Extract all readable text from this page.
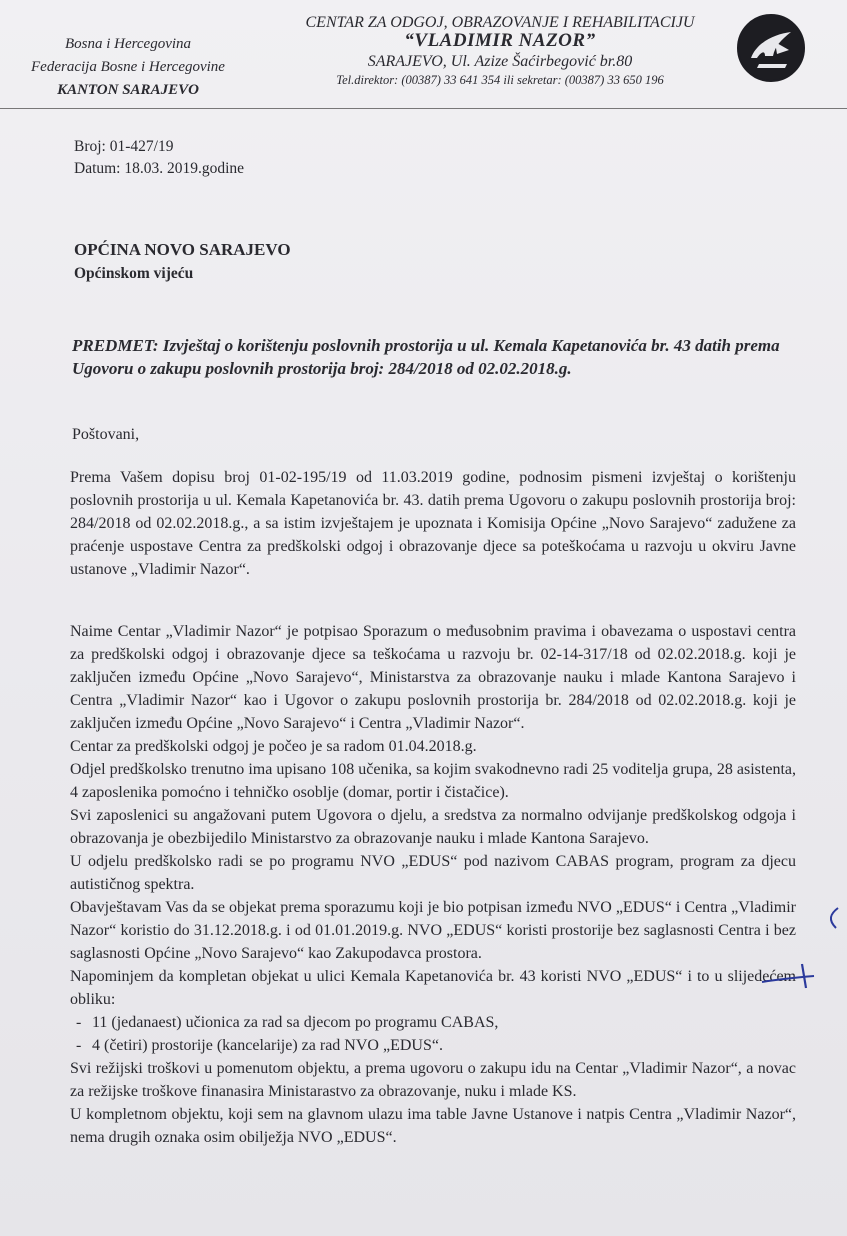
Bosna i Hercegovina
Federacija Bosne i Hercegovine
KANTON SARAJEVO
CENTAR ZA ODGOJ, OBRAZOVANJE I REHABILITACIJU
“VLADIMIR NAZOR”
SARAJEVO, Ul. Azize Šaćirbegović br.80
Tel.direktor: (00387) 33 641 354 ili sekretar: (00387) 33 650 196
Broj: 01-427/19
Datum: 18.03. 2019.godine
OPĆINA NOVO SARAJEVO
Općinskom vijeću
PREDMET: Izvještaj o korištenju poslovnih prostorija u ul. Kemala Kapetanovića br. 43 datih prema Ugovoru o zakupu poslovnih prostorija broj: 284/2018 od 02.02.2018.g.
Poštovani,
Prema Vašem dopisu broj 01-02-195/19 od 11.03.2019 godine, podnosim pismeni izvještaj o korištenju poslovnih prostorija u ul. Kemala Kapetanovića br. 43. datih prema Ugovoru o zakupu poslovnih prostorija broj: 284/2018 od 02.02.2018.g., a sa istim izvještajem je upoznata i Komisija Općine „Novo Sarajevo“ zadužene za praćenje uspostave Centra za predškolski odgoj i obrazovanje djece sa poteškoćama u razvoju u okviru Javne ustanove „Vladimir Nazor“.
Naime Centar „Vladimir Nazor“ je potpisao Sporazum o međusobnim pravima i obavezama o uspostavi centra za predškolski odgoj i obrazovanje djece sa teškoćama u razvoju br. 02-14-317/18 od 02.02.2018.g. koji je zaključen između Općine „Novo Sarajevo“, Ministarstva za obrazovanje nauku i mlade Kantona Sarajevo i Centra „Vladimir Nazor“ kao i Ugovor o zakupu poslovnih prostorija br. 284/2018 od 02.02.2018.g. koji je zaključen između Općine „Novo Sarajevo“ i Centra „Vladimir Nazor“.
Centar za predškolski odgoj je počeo je sa radom 01.04.2018.g.
Odjel predškolsko trenutno ima upisano 108 učenika, sa kojim svakodnevno radi 25 voditelja grupa, 28 asistenta, 4 zaposlenika pomoćno i tehničko osoblje (domar, portir i čistačice).
Svi zaposlenici su angažovani putem Ugovora o djelu, a sredstva za normalno odvijanje predškolskog odgoja i obrazovanja je obezbijedilo Ministarstvo za obrazovanje nauku i mlade Kantona Sarajevo.
U odjelu predškolsko radi se po programu NVO „EDUS“ pod nazivom CABAS program, program za djecu autističnog spektra.
Obavještavam Vas da se objekat prema sporazumu koji je bio potpisan između NVO „EDUS“ i Centra „Vladimir Nazor“ koristio do 31.12.2018.g. i od 01.01.2019.g. NVO „EDUS“ koristi prostorije bez saglasnosti Centra i bez saglasnosti Općine „Novo Sarajevo“ kao Zakupodavca prostora.
Napominjem da kompletan objekat u ulici Kemala Kapetanovića br. 43 koristi NVO „EDUS“ i to u slijedećem obliku:
- 11 (jedanaest) učionica za rad sa djecom po programu CABAS,
- 4 (četiri) prostorije (kancelarije) za rad NVO „EDUS“.
Svi režijski troškovi u pomenutom objektu, a prema ugovoru o zakupu idu na Centar „Vladimir Nazor“, a novac za režijske troškove finanasira Ministarastvo za obrazovanje, nuku i mlade KS.
U kompletnom objektu, koji sem na glavnom ulazu ima table Javne Ustanove i natpis Centra „Vladimir Nazor“, nema drugih oznaka osim obilježja NVO „EDUS“.
